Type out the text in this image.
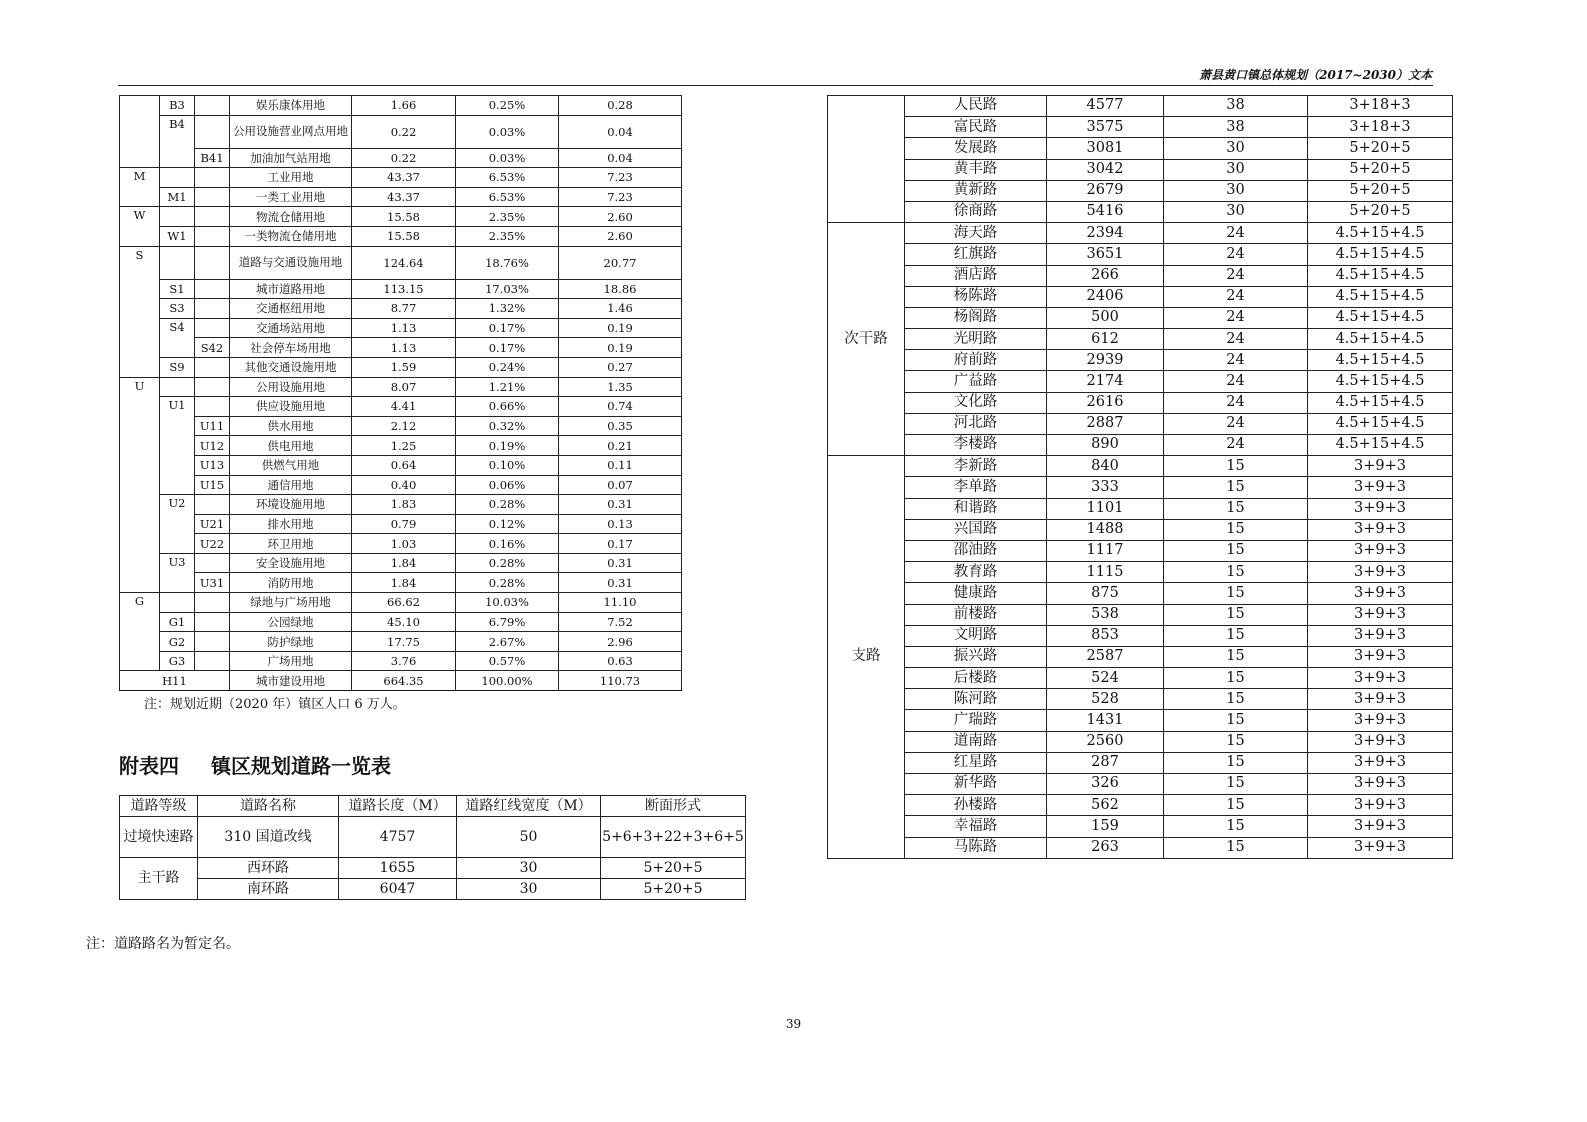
萧县黄口镇总体规划（2017~2030）文本
	B3		娱乐康体用地	1.66	0.25%	0.28
	B4		公用设施营业网点用地	0.22	0.03%	0.04
		B41	加油加气站用地	0.22	0.03%	0.04
M			工业用地	43.37	6.53%	7.23
	M1		一类工业用地	43.37	6.53%	7.23
W			物流仓储用地	15.58	2.35%	2.60
	W1		一类物流仓储用地	15.58	2.35%	2.60
S			道路与交通设施用地	124.64	18.76%	20.77
	S1		城市道路用地	113.15	17.03%	18.86
	S3		交通枢纽用地	8.77	1.32%	1.46
	S4		交通场站用地	1.13	0.17%	0.19
		S42	社会停车场用地	1.13	0.17%	0.19
	S9		其他交通设施用地	1.59	0.24%	0.27
U			公用设施用地	8.07	1.21%	1.35
	U1		供应设施用地	4.41	0.66%	0.74
		U11	供水用地	2.12	0.32%	0.35
		U12	供电用地	1.25	0.19%	0.21
		U13	供燃气用地	0.64	0.10%	0.11
		U15	通信用地	0.40	0.06%	0.07
	U2		环境设施用地	1.83	0.28%	0.31
		U21	排水用地	0.79	0.12%	0.13
		U22	环卫用地	1.03	0.16%	0.17
	U3		安全设施用地	1.84	0.28%	0.31
		U31	消防用地	1.84	0.28%	0.31
G			绿地与广场用地	66.62	10.03%	11.10
	G1		公园绿地	45.10	6.79%	7.52
	G2		防护绿地	17.75	2.67%	2.96
	G3		广场用地	3.76	0.57%	0.63
H11			城市建设用地	664.35	100.00%	110.73
注：规划近期（2020 年）镇区人口 6 万人。
附表四 镇区规划道路一览表
道路等级	道路名称	道路长度（M）	道路红线宽度（M）	断面形式
过境快速路	310 国道改线	4757	50	5+6+3+22+3+6+5
主干路	西环路	1655	30	5+20+5
	南环路	6047	30	5+20+5
注：道路路名为暂定名。
	人民路	4577	38	3+18+3
	富民路	3575	38	3+18+3
	发展路	3081	30	5+20+5
	黄丰路	3042	30	5+20+5
	黄新路	2679	30	5+20+5
	徐商路	5416	30	5+20+5
次干路	海天路	2394	24	4.5+15+4.5
	红旗路	3651	24	4.5+15+4.5
	酒店路	266	24	4.5+15+4.5
	杨陈路	2406	24	4.5+15+4.5
	杨阁路	500	24	4.5+15+4.5
	光明路	612	24	4.5+15+4.5
	府前路	2939	24	4.5+15+4.5
	广益路	2174	24	4.5+15+4.5
	文化路	2616	24	4.5+15+4.5
	河北路	2887	24	4.5+15+4.5
	李楼路	890	24	4.5+15+4.5
支路	李新路	840	15	3+9+3
	李单路	333	15	3+9+3
	和谐路	1101	15	3+9+3
	兴国路	1488	15	3+9+3
	邵油路	1117	15	3+9+3
	教育路	1115	15	3+9+3
	健康路	875	15	3+9+3
	前楼路	538	15	3+9+3
	文明路	853	15	3+9+3
	振兴路	2587	15	3+9+3
	后楼路	524	15	3+9+3
	陈河路	528	15	3+9+3
	广瑞路	1431	15	3+9+3
	道南路	2560	15	3+9+3
	红星路	287	15	3+9+3
	新华路	326	15	3+9+3
	孙楼路	562	15	3+9+3
	幸福路	159	15	3+9+3
	马陈路	263	15	3+9+3
39
